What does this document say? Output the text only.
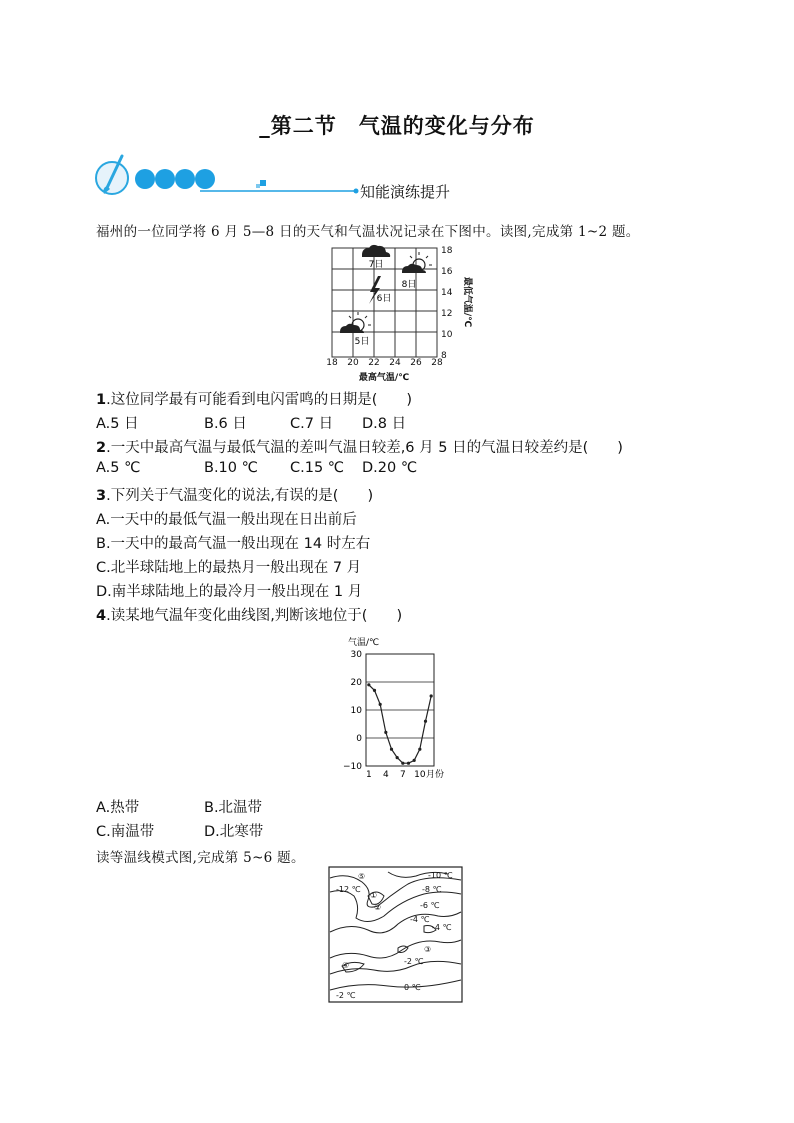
_第二节　气温的变化与分布
知能演练提升
福州的一位同学将 6 月 5—8 日的天气和气温状况记录在下图中。读图,完成第 1~2 题。
18 20 22 24 26 28
8
10
12
14
16
18
最高气温/℃
最低气温/℃
7日
8日
6日
5日
1.这位同学最有可能看到电闪雷鸣的日期是(　　)
A.5 日	B.6 日	C.7 日 D.8 日
2.一天中最高气温与最低气温的差叫气温日较差,6 月 5 日的气温日较差约是(　　)
A.5 ℃	B.10 ℃ C.15 ℃ D.20 ℃
3.下列关于气温变化的说法,有误的是(　　)
A.一天中的最低气温一般出现在日出前后
B.一天中的最高气温一般出现在 14 时左右
C.北半球陆地上的最热月一般出现在 7 月
D.南半球陆地上的最冷月一般出现在 1 月
4.读某地气温年变化曲线图,判断该地位于(　　)
气温/℃
30
20
10
0
−10
1 4 7 10 月份
A.热带	B.北温带
C.南温带	D.北寒带
读等温线模式图,完成第 5~6 题。
-12 ℃
⑤
①
②
-8 ℃
-10 ℃
-6 ℃
-4 ℃
-4 ℃
③
-2 ℃
④
0 ℃
-2 ℃
